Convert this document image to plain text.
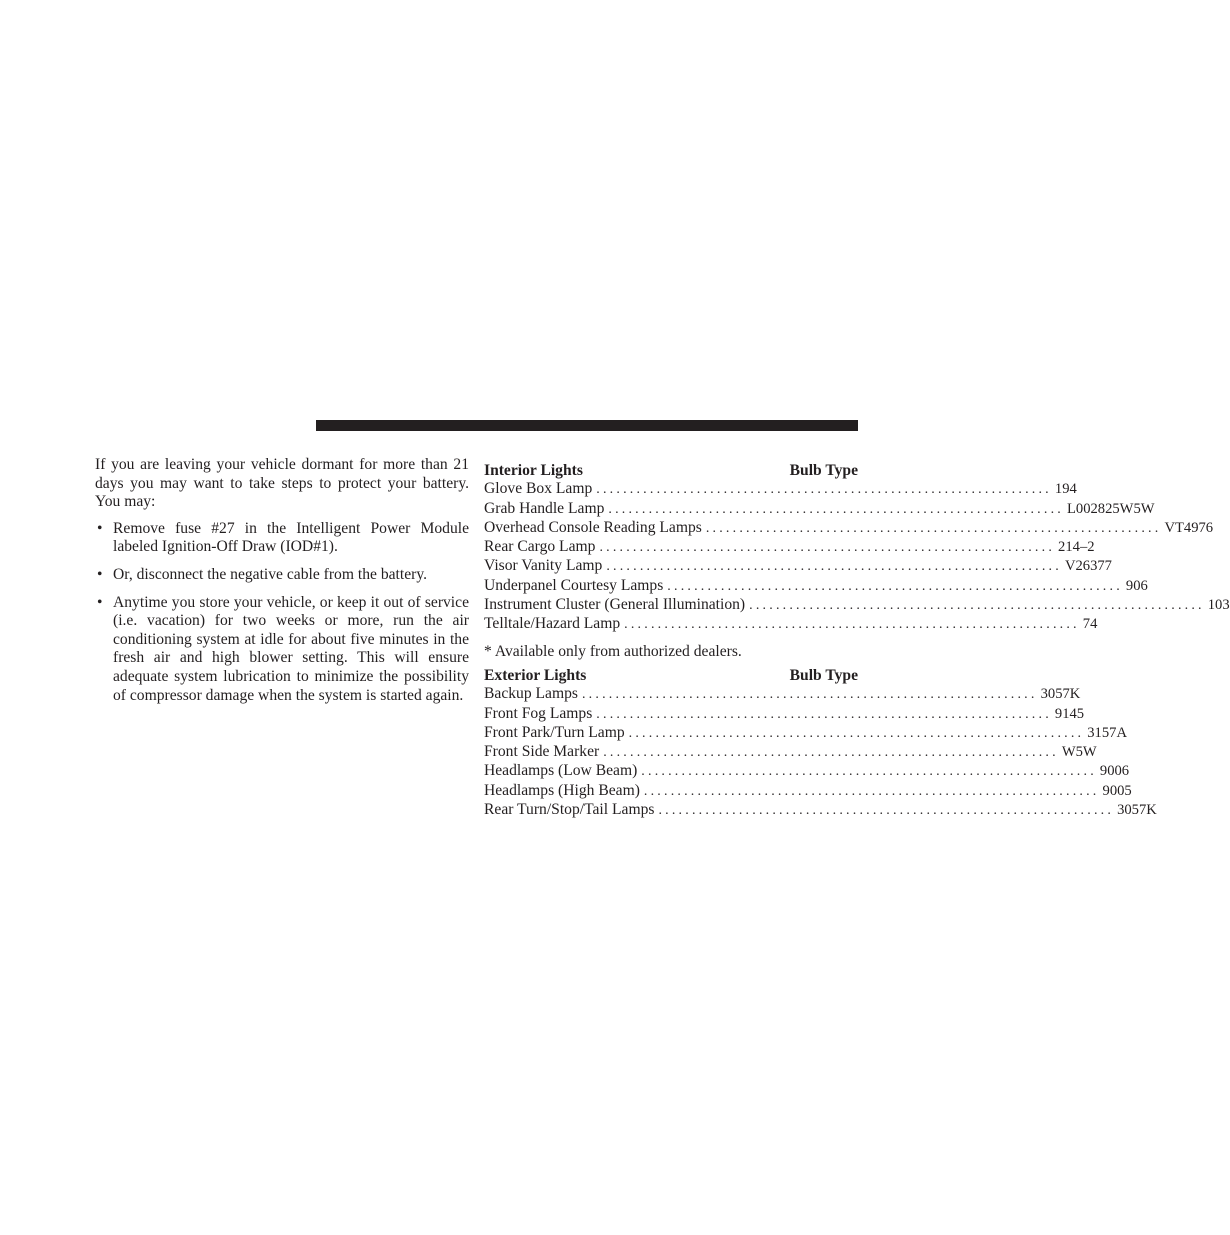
If you are leaving your vehicle dormant for more than 21 days you may want to take steps to protect your battery. You may:

• Remove fuse #27 in the Intelligent Power Module labeled Ignition-Off Draw (IOD#1).
• Or, disconnect the negative cable from the battery.
• Anytime you store your vehicle, or keep it out of service (i.e. vacation) for two weeks or more, run the air conditioning system at idle for about five minutes in the fresh air and high blower setting. This will ensure adequate system lubrication to minimize the possibility of compressor damage when the system is started again.
Interior Lights	Bulb Type
Glove Box Lamp .................................................................... 194
Grab Handle Lamp .................................................................... L002825W5W
Overhead Console Reading Lamps .................................................................... VT4976
Rear Cargo Lamp .................................................................... 214–2
Visor Vanity Lamp .................................................................... V26377
Underpanel Courtesy Lamps .................................................................... 906
Instrument Cluster (General Illumination) .................................................................... 103
Telltale/Hazard Lamp .................................................................... 74
* Available only from authorized dealers.
Exterior Lights	Bulb Type
Backup Lamps .................................................................... 3057K
Front Fog Lamps .................................................................... 9145
Front Park/Turn Lamp .................................................................... 3157A
Front Side Marker .................................................................... W5W
Headlamps (Low Beam) .................................................................... 9006
Headlamps (High Beam) .................................................................... 9005
Rear Turn/Stop/Tail Lamps .................................................................... 3057K
